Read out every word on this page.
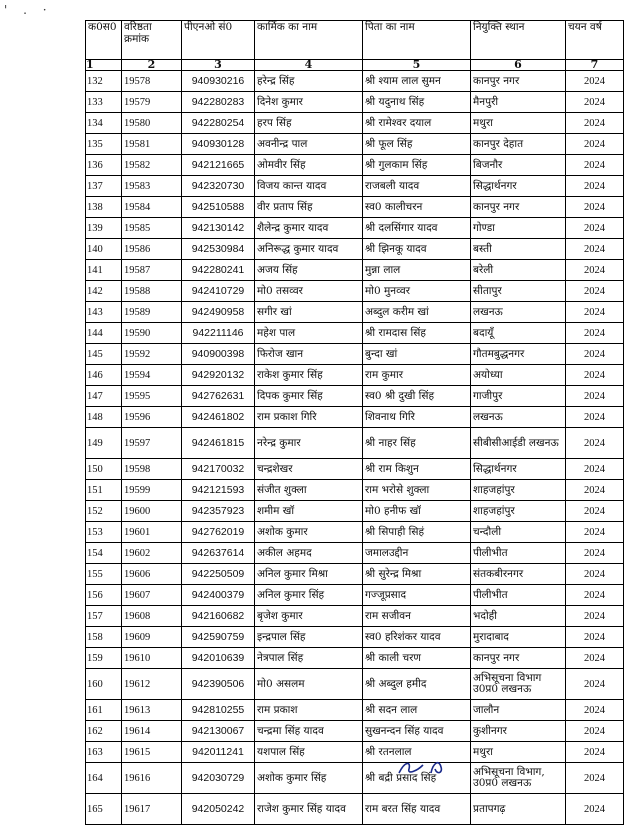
' . ·
क0स0	वरिष्ठता क्रमांक	पीएनओ सं0	कार्मिक का नाम	पिता का नाम	नियुक्ति स्थान	चयन वर्ष
1	2	3	4	5	6	7
132	19578	940930216	हरेन्द्र सिंह	श्री श्याम लाल सुमन	कानपुर नगर	2024
133	19579	942280283	दिनेश कुमार	श्री यदुनाथ सिंह	मैनपुरी	2024
134	19580	942280254	हरप सिंह	श्री रामेश्वर दयाल	मथुरा	2024
135	19581	940930128	अवनीन्द्र पाल	श्री फूल सिंह	कानपुर देहात	2024
136	19582	942121665	ओमवीर सिंह	श्री गुलकाम सिंह	बिजनौर	2024
137	19583	942320730	विजय कान्त यादव	राजबली यादव	सिद्धार्थनगर	2024
138	19584	942510588	वीर प्रताप सिंह	स्व0 कालीचरन	कानपुर नगर	2024
139	19585	942130142	शैलेन्द्र कुमार यादव	श्री दलसिंगार यादव	गोण्डा	2024
140	19586	942530984	अनिरूद्ध कुमार यादव	श्री झिनकू यादव	बस्ती	2024
141	19587	942280241	अजय सिंह	मुन्ना लाल	बरेली	2024
142	19588	942410729	मो0 तसव्वर	मो0 मुनव्वर	सीतापुर	2024
143	19589	942490958	सगीर खां	अब्दुल करीम खां	लखनऊ	2024
144	19590	942211146	महेश पाल	श्री रामदास सिंह	बदायूँ	2024
145	19592	940900398	फिरोज खान	बुन्दा खां	गौतमबुद्धनगर	2024
146	19594	942920132	राकेश कुमार सिंह	राम कुमार	अयोध्या	2024
147	19595	942762631	दिपक कुमार सिंह	स्व0 श्री दुखी सिंह	गाजीपुर	2024
148	19596	942461802	राम प्रकाश गिरि	शिवनाथ गिरि	लखनऊ	2024
149	19597	942461815	नरेन्द्र कुमार	श्री नाहर सिंह	सीबीसीआईडी लखनऊ	2024
150	19598	942170032	चन्द्रशेखर	श्री राम किशुन	सिद्धार्थनगर	2024
151	19599	942121593	संजीत शुक्ला	राम भरोसे शुक्ला	शाहजहांपुर	2024
152	19600	942357923	शमीम खॉ	मो0 हनीफ खॉ	शाहजहांपुर	2024
153	19601	942762019	अशोक कुमार	श्री सिपाही सिहं	चन्दौली	2024
154	19602	942637614	अकील अहमद	जमालउद्दीन	पीलीभीत	2024
155	19606	942250509	अनिल कुमार मिश्रा	श्री सुरेन्द्र मिश्रा	संतकबीरनगर	2024
156	19607	942400379	अनिल कुमार सिंह	गज्जूप्रसाद	पीलीभीत	2024
157	19608	942160682	बृजेश कुमार	राम सजीवन	भदोही	2024
158	19609	942590759	इन्द्रपाल सिंह	स्व0 हरिशंकर यादव	मुरादाबाद	2024
159	19610	942010639	नेत्रपाल सिंह	श्री काली चरण	कानपुर नगर	2024
160	19612	942390506	मो0 असलम	श्री अब्दुल हमीद	अभिसूचना विभाग उ0प्र0 लखनऊ	2024
161	19613	942810255	राम प्रकाश	श्री सदन लाल	जालौन	2024
162	19614	942130067	चन्द्रमा सिंह यादव	सुखनन्दन सिंह यादव	कुशीनगर	2024
163	19615	942011241	यशपाल सिंह	श्री रतनलाल	मथुरा	2024
164	19616	942030729	अशोक कुमार सिंह	श्री बद्री प्रसाद सिंह	अभिसूचना विभाग, उ0प्र0 लखनऊ	2024
165	19617	942050242	राजेश कुमार सिंह यादव	राम बरत सिंह यादव	प्रतापगढ़	2024
